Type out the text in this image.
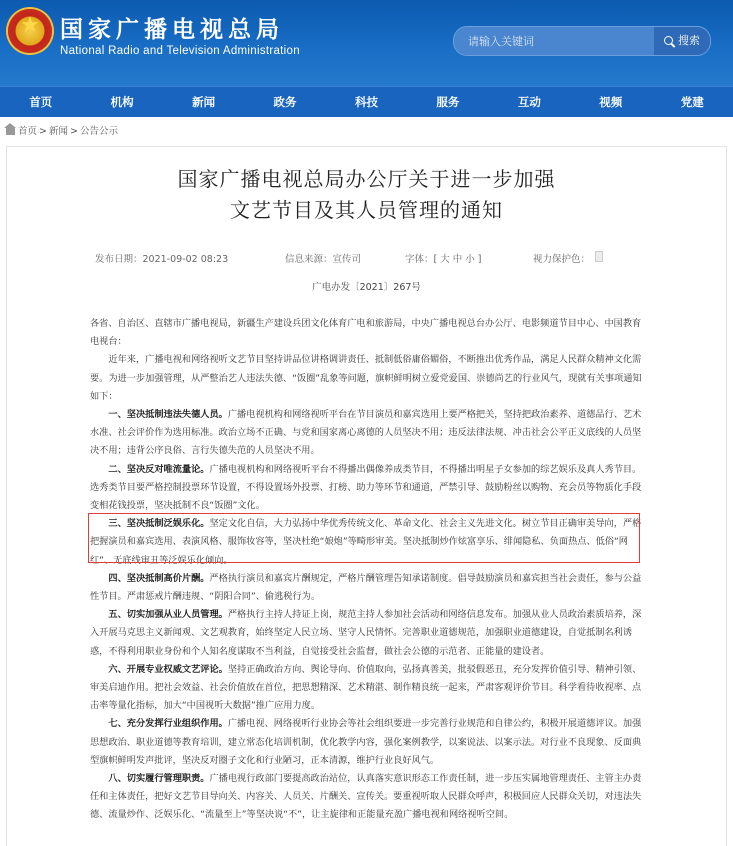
★ 国家广播电视总局
National Radio and Television Administration
请输入关键词
搜索
首页	机构	新闻	政务	科技	服务	互动	视频	党建
首页 > 新闻 > 公告公示
国家广播电视总局办公厅关于进一步加强
文艺节目及其人员管理的通知
发布日期：2021-09-02 08:23	信息来源：宣传司	字体：[ 大 中 小 ]	视力保护色：
广电办发〔2021〕267号

各省、自治区、直辖市广播电视局，新疆生产建设兵团文化体育广电和旅游局，中央广播电视总台办公厅、电影频道节目中心、中国教育电视台：

近年来，广播电视和网络视听文艺节目坚持讲品位讲格调讲责任、抵制低俗庸俗媚俗，不断推出优秀作品，满足人民群众精神文化需要。为进一步加强管理，从严整治艺人违法失德、“饭圈”乱象等问题，旗帜鲜明树立爱党爱国、崇德尚艺的行业风气，现就有关事项通知如下：

一、坚决抵制违法失德人员。广播电视机构和网络视听平台在节目演员和嘉宾选用上要严格把关，坚持把政治素养、道德品行、艺术水准、社会评价作为选用标准。政治立场不正确、与党和国家离心离德的人员坚决不用；违反法律法规、冲击社会公平正义底线的人员坚决不用；违背公序良俗、言行失德失范的人员坚决不用。

二、坚决反对唯流量论。广播电视机构和网络视听平台不得播出偶像养成类节目，不得播出明星子女参加的综艺娱乐及真人秀节目。选秀类节目要严格控制投票环节设置，不得设置场外投票、打榜、助力等环节和通道，严禁引导、鼓励粉丝以购物、充会员等物质化手段变相花钱投票，坚决抵制不良“饭圈”文化。

三、坚决抵制泛娱乐化。坚定文化自信，大力弘扬中华优秀传统文化、革命文化、社会主义先进文化。树立节目正确审美导向，严格把握演员和嘉宾选用、表演风格、服饰妆容等，坚决杜绝“娘炮”等畸形审美。坚决抵制炒作炫富享乐、绯闻隐私、负面热点、低俗“网红”、无底线审丑等泛娱乐化倾向。

四、坚决抵制高价片酬。严格执行演员和嘉宾片酬规定，严格片酬管理告知承诺制度。倡导鼓励演员和嘉宾担当社会责任，参与公益性节目。严肃惩戒片酬违规、“阴阳合同”、偷逃税行为。

五、切实加强从业人员管理。严格执行主持人持证上岗，规范主持人参加社会活动和网络信息发布。加强从业人员政治素质培养，深入开展马克思主义新闻观、文艺观教育，始终坚定人民立场、坚守人民情怀。完善职业道德规范，加强职业道德建设，自觉抵制名利诱惑，不得利用职业身份和个人知名度谋取不当利益，自觉接受社会监督，做社会公德的示范者、正能量的建设者。

六、开展专业权威文艺评论。坚持正确政治方向、舆论导向、价值取向，弘扬真善美，批驳假恶丑，充分发挥价值引导、精神引领、审美启迪作用。把社会效益、社会价值放在首位，把思想精深、艺术精湛、制作精良统一起来，严肃客观评价节目。科学看待收视率、点击率等量化指标，加大“中国视听大数据”推广应用力度。

七、充分发挥行业组织作用。广播电视、网络视听行业协会等社会组织要进一步完善行业规范和自律公约，积极开展道德评议。加强思想政治、职业道德等教育培训，建立常态化培训机制，优化教学内容，强化案例教学，以案说法、以案示法。对行业不良现象、反面典型旗帜鲜明发声批评，坚决反对圈子文化和行业陋习，正本清源，维护行业良好风气。

八、切实履行管理职责。广播电视行政部门要提高政治站位，认真落实意识形态工作责任制，进一步压实属地管理责任、主管主办责任和主体责任，把好文艺节目导向关、内容关、人员关、片酬关、宣传关。要重视听取人民群众呼声，积极回应人民群众关切，对违法失德、流量炒作、泛娱乐化、“流量至上”等坚决说“不”，让主旋律和正能量充盈广播电视和网络视听空间。
